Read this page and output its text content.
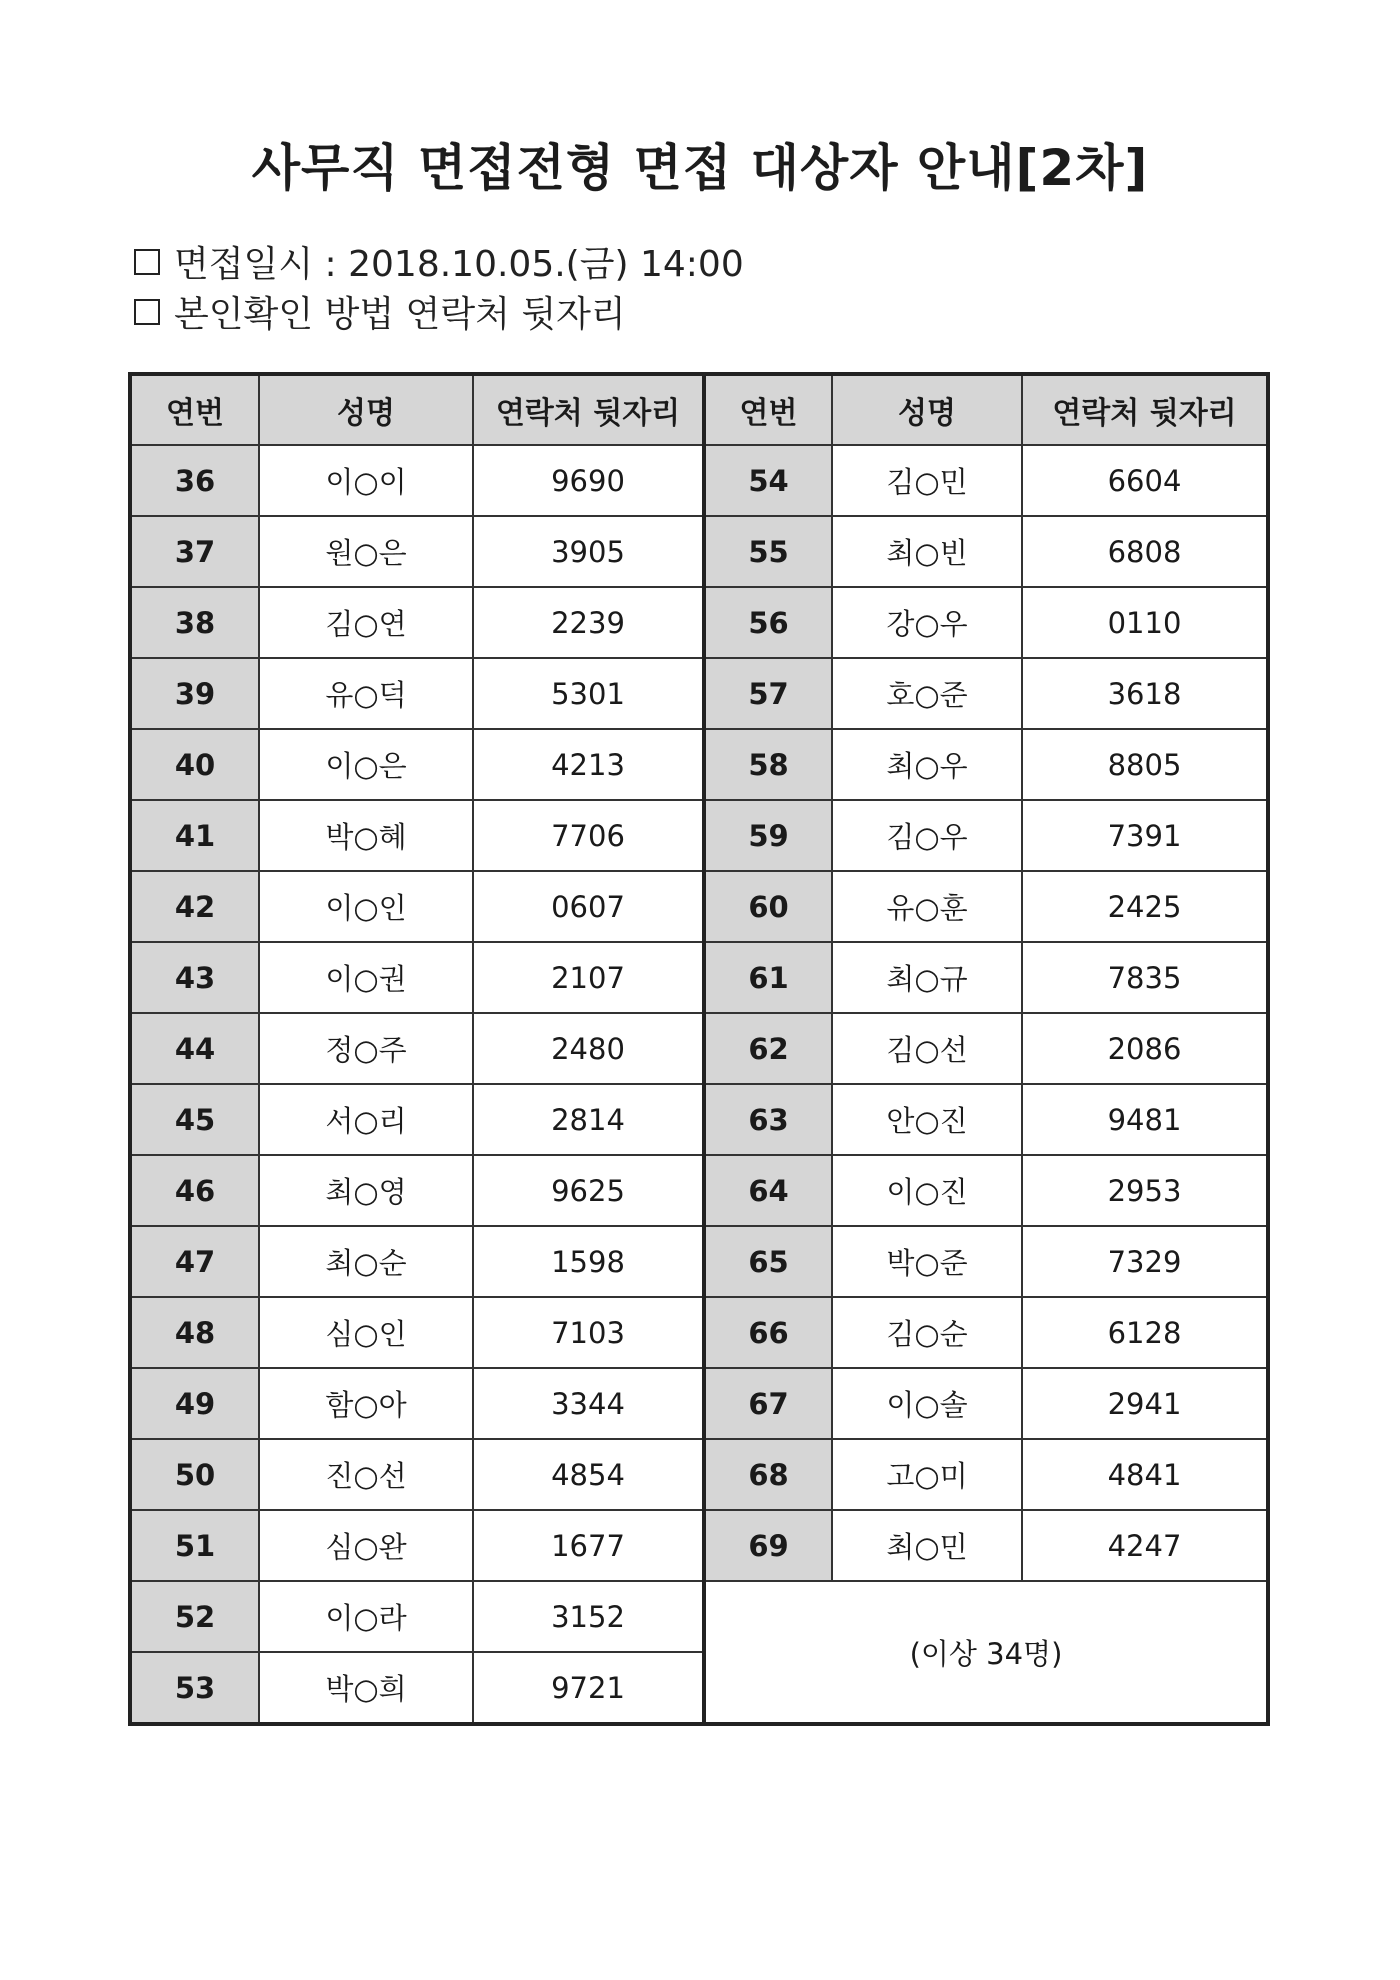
사무직 면접전형 면접 대상자 안내[2차]
면접일시 : 2018.10.05.(금) 14:00
본인확인 방법 연락처 뒷자리
연번	성명	연락처 뒷자리	연번	성명	연락처 뒷자리
36	이○이	9690	54	김○민	6604
37	원○은	3905	55	최○빈	6808
38	김○연	2239	56	강○우	0110
39	유○덕	5301	57	호○준	3618
40	이○은	4213	58	최○우	8805
41	박○혜	7706	59	김○우	7391
42	이○인	0607	60	유○훈	2425
43	이○권	2107	61	최○규	7835
44	정○주	2480	62	김○선	2086
45	서○리	2814	63	안○진	9481
46	최○영	9625	64	이○진	2953
47	최○순	1598	65	박○준	7329
48	심○인	7103	66	김○순	6128
49	함○아	3344	67	이○솔	2941
50	진○선	4854	68	고○미	4841
51	심○완	1677	69	최○민	4247
52	이○라	3152	(이상 34명)		
53	박○희	9721			
